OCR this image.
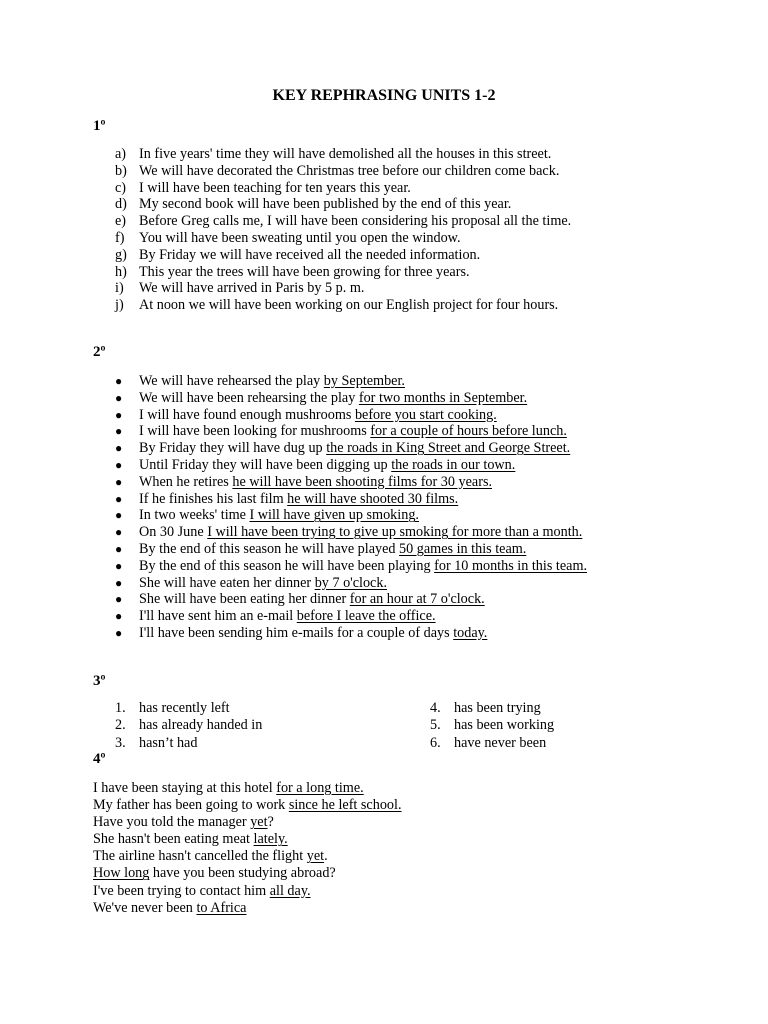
KEY REPHRASING UNITS 1-2
1º
a) In five years' time they will have demolished all the houses in this street.
b) We will have decorated the Christmas tree before our children come back.
c) I will have been teaching for ten years this year.
d) My second book will have been published by the end of this year.
e) Before Greg calls me, I will have been considering his proposal all the time.
f) You will have been sweating until you open the window.
g) By Friday we will have received all the needed information.
h) This year the trees will have been growing for three years.
i) We will have arrived in Paris by 5 p. m.
j) At noon we will have been working on our English project for four hours.
2º
● We will have rehearsed the play by September.
● We will have been rehearsing the play for two months in September.
● I will have found enough mushrooms before you start cooking.
● I will have been looking for mushrooms for a couple of hours before lunch.
● By Friday they will have dug up the roads in King Street and George Street.
● Until Friday they will have been digging up the roads in our town.
● When he retires he will have been shooting films for 30 years.
● If he finishes his last film he will have shooted 30 films.
● In two weeks' time I will have given up smoking.
● On 30 June I will have been trying to give up smoking for more than a month.
● By the end of this season he will have played 50 games in this team.
● By the end of this season he will have been playing for 10 months in this team.
● She will have eaten her dinner by 7 o'clock.
● She will have been eating her dinner for an hour at 7 o'clock.
● I'll have sent him an e-mail before I leave the office.
● I'll have been sending him e-mails for a couple of days today.
3º
1. has recently left
2. has already handed in
3. hasn’t had
4. has been trying
5. has been working
6. have never been
4º
I have been staying at this hotel for a long time.
My father has been going to work since he left school.
Have you told the manager yet?
She hasn't been eating meat lately.
The airline hasn't cancelled the flight yet.
How long have you been studying abroad?
I've been trying to contact him all day.
We've never been to Africa
